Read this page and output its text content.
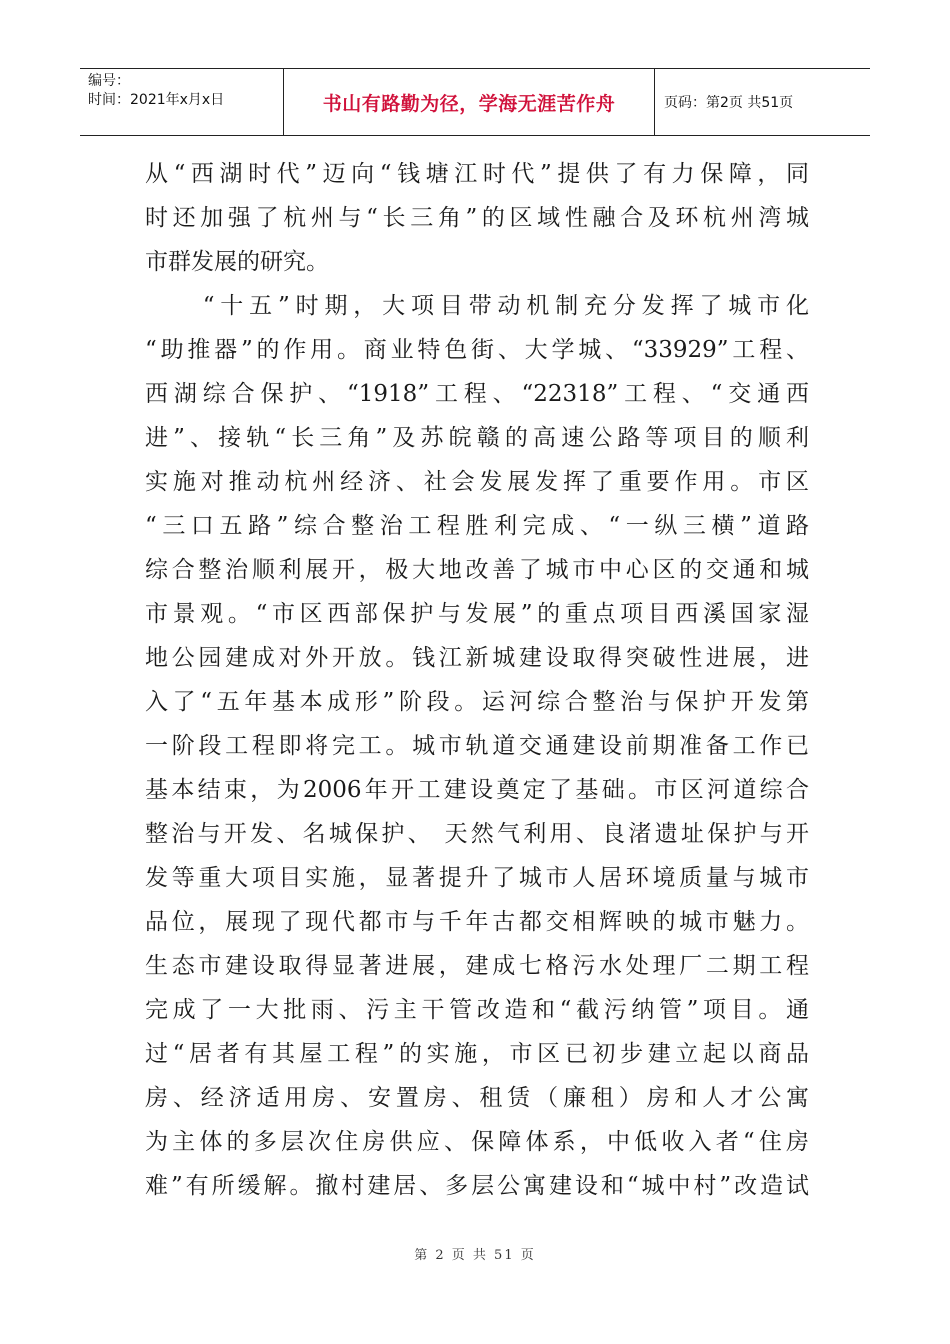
编号：
时间：2021年x月x日	书山有路勤为径，学海无涯苦作舟	页码：第2页 共51页
从“西湖时代”迈向“钱塘江时代”提供了有力保障，同
时还加强了杭州与“长三角”的区域性融合及环杭州湾城
市群发展的研究。
　　“十五”时期，大项目带动机制充分发挥了城市化
“助推器”的作用。商业特色街、大学城、“33929”工程、
西湖综合保护、“1918”工程、“22318”工程、“交通西
进”、接轨“长三角”及苏皖赣的高速公路等项目的顺利
实施对推动杭州经济、社会发展发挥了重要作用。市区
“三口五路”综合整治工程胜利完成、“一纵三横”道路
综合整治顺利展开，极大地改善了城市中心区的交通和城
市景观。“市区西部保护与发展”的重点项目西溪国家湿
地公园建成对外开放。钱江新城建设取得突破性进展，进
入了“五年基本成形”阶段。运河综合整治与保护开发第
一阶段工程即将完工。城市轨道交通建设前期准备工作已
基本结束，为2006年开工建设奠定了基础。市区河道综合
整治与开发、名城保护、 天然气利用、良渚遗址保护与开
发等重大项目实施，显著提升了城市人居环境质量与城市
品位，展现了现代都市与千年古都交相辉映的城市魅力。
生态市建设取得显著进展，建成七格污水处理厂二期工程
完成了一大批雨、污主干管改造和“截污纳管”项目。通
过“居者有其屋工程”的实施，市区已初步建立起以商品
房、经济适用房、安置房、租赁（廉租）房和人才公寓
为主体的多层次住房供应、保障体系，中低收入者“住房
难”有所缓解。撤村建居、多层公寓建设和“城中村”改造试
第 2 页 共 51 页
